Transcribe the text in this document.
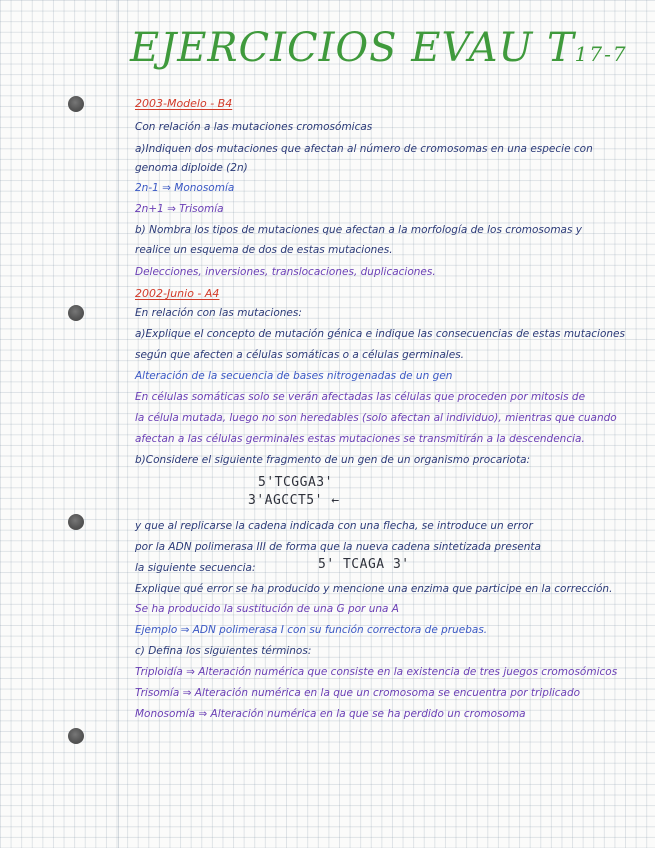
EJERCICIOS EVAU T17-7
2003-Modelo - B4
Con relación a las mutaciones cromosómicas
a)Indiquen dos mutaciones que afectan al número de cromosomas en una especie con
genoma diploide (2n)
2n-1 ⇒ Monosomía
2n+1 ⇒ Trisomía
b) Nombra los tipos de mutaciones que afectan a la morfología de los cromosomas y
realice un esquema de dos de estas mutaciones.
Delecciones, inversiones, translocaciones, duplicaciones.
2002-Junio - A4
En relación con las mutaciones:
a)Explique el concepto de mutación génica e indique las consecuencias de estas mutaciones
según que afecten a células somáticas o a células germinales.
Alteración de la secuencia de bases nitrogenadas de un gen
En células somáticas solo se verán afectadas las células que proceden por mitosis de
la célula mutada, luego no son heredables (solo afectan al individuo), mientras que cuando
afectan a las células germinales estas mutaciones se transmitirán a la descendencia.
b)Considere el siguiente fragmento de un gen de un organismo procariota:
5'TCGGA3'
3'AGCCT5' ←
y que al replicarse la cadena indicada con una flecha, se introduce un error
por la ADN polimerasa III de forma que la nueva cadena sintetizada presenta
la siguiente secuencia:	5' TCAGA 3'
Explique qué error se ha producido y mencione una enzima que participe en la corrección.
Se ha producido la sustitución de una G por una A
Ejemplo ⇒ ADN polimerasa I con su función correctora de pruebas.
c) Defina los siguientes términos:
Triploidía ⇒ Alteración numérica que consiste en la existencia de tres juegos cromosómicos
Trisomía ⇒ Alteración numérica en la que un cromosoma se encuentra por triplicado
Monosomía ⇒ Alteración numérica en la que se ha perdido un cromosoma
